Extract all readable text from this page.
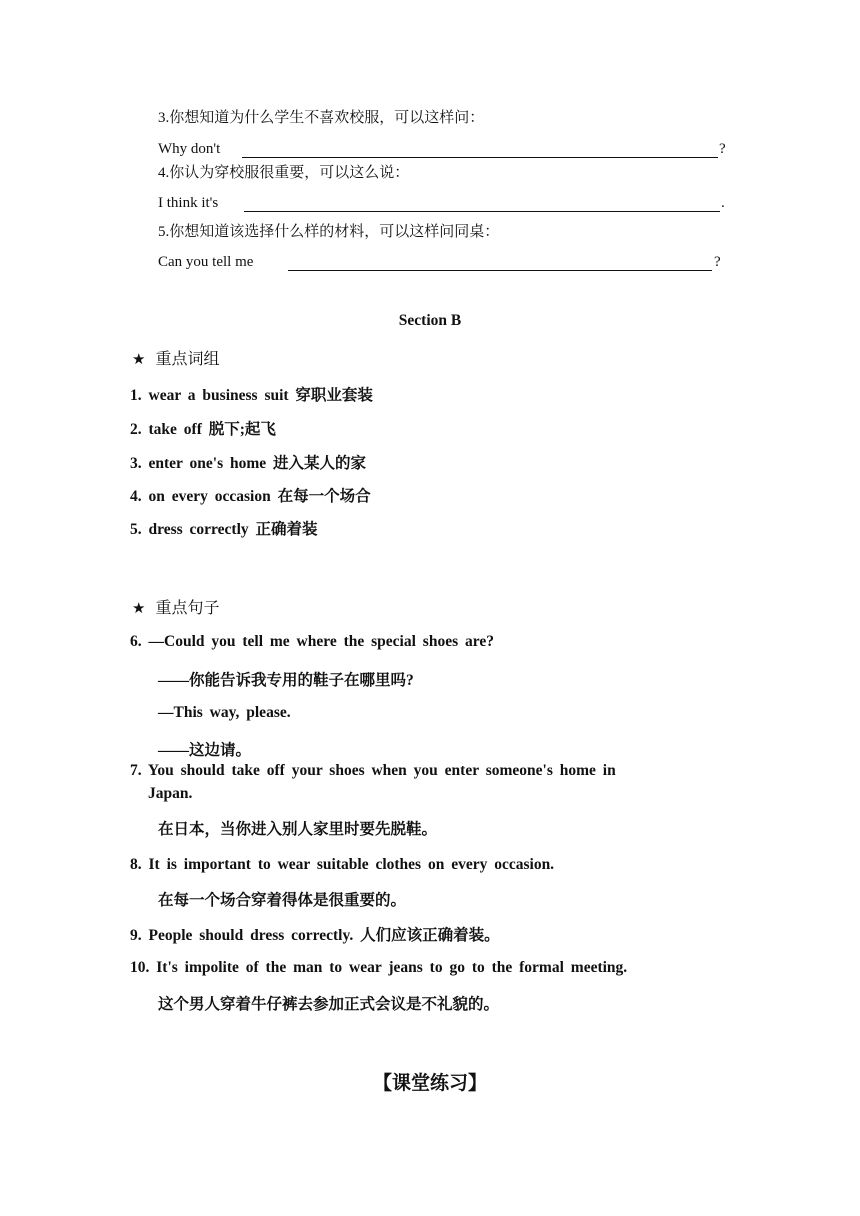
3.你想知道为什么学生不喜欢校服，可以这样问：
Why don't	?
4.你认为穿校服很重要，可以这么说：
I think it's	.
5.你想知道该选择什么样的材料，可以这样问同桌：
Can you tell me	?
Section B
★ 重点词组
1. wear a business suit 穿职业套装
2. take off 脱下;起飞
3. enter one's home 进入某人的家
4. on every occasion 在每一个场合
5. dress correctly 正确着装
★ 重点句子
6. —Could you tell me where the special shoes are?
——你能告诉我专用的鞋子在哪里吗?
—This way, please.
——这边请。
7. You should take off your shoes when you enter someone's home in
Japan.
在日本，当你进入别人家里时要先脱鞋。
8. It is important to wear suitable clothes on every occasion.
在每一个场合穿着得体是很重要的。
9. People should dress correctly. 人们应该正确着装。
10. It's impolite of the man to wear jeans to go to the formal meeting.
这个男人穿着牛仔裤去参加正式会议是不礼貌的。
【课堂练习】
